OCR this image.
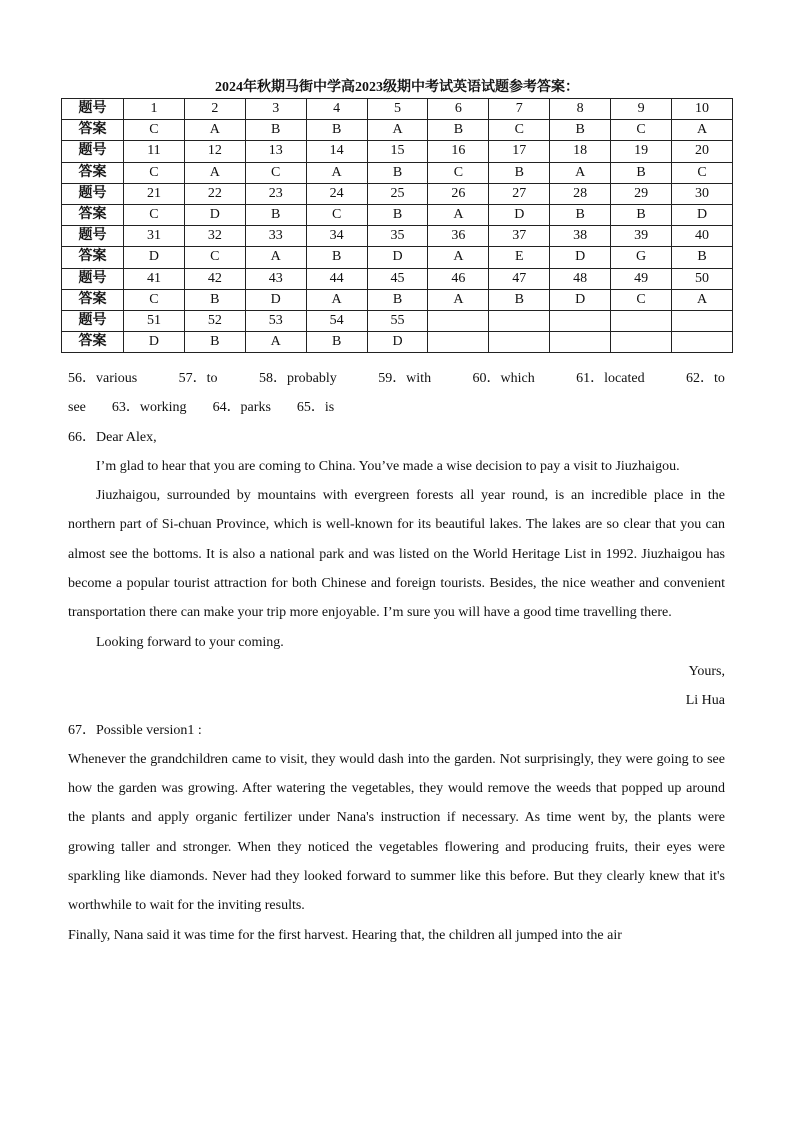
2024年秋期马街中学高2023级期中考试英语试题参考答案：
题号	1	2	3	4	5	6	7	8	9	10
答案	C	A	B	B	A	B	C	B	C	A
题号	11	12	13	14	15	16	17	18	19	20
答案	C	A	C	A	B	C	B	A	B	C
题号	21	22	23	24	25	26	27	28	29	30
答案	C	D	B	C	B	A	D	B	B	D
题号	31	32	33	34	35	36	37	38	39	40
答案	D	C	A	B	D	A	E	D	G	B
题号	41	42	43	44	45	46	47	48	49	50
答案	C	B	D	A	B	A	B	D	C	A
题号	51	52	53	54	55					
答案	D	B	A	B	D					
56．various	57．to	58．probably	59．with	60．which	61．located	62．to
see 63．working 64．parks 65．is

66．Dear Alex,

I’m glad to hear that you are coming to China. You’ve made a wise decision to pay a visit to Jiuzhaigou.

Jiuzhaigou, surrounded by mountains with evergreen forests all year round, is an incredible place in the northern part of Si-chuan Province, which is well-known for its beautiful lakes. The lakes are so clear that you can almost see the bottoms. It is also a national park and was listed on the World Heritage List in 1992. Jiuzhaigou has become a popular tourist attraction for both Chinese and foreign tourists. Besides, the nice weather and convenient transportation there can make your trip more enjoyable. I’m sure you will have a good time travelling there.

Looking forward to your coming.

Yours,

Li Hua

67．Possible version1 :

Whenever the grandchildren came to visit, they would dash into the garden. Not surprisingly, they were going to see how the garden was growing. After watering the vegetables, they would remove the weeds that popped up around the plants and apply organic fertilizer under Nana's instruction if necessary. As time went by, the plants were growing taller and stronger. When they noticed the vegetables flowering and producing fruits, their eyes were sparkling like diamonds. Never had they looked forward to summer like this before. But they clearly knew that it's worthwhile to wait for the inviting results.

Finally, Nana said it was time for the first harvest. Hearing that, the children all jumped into the air
